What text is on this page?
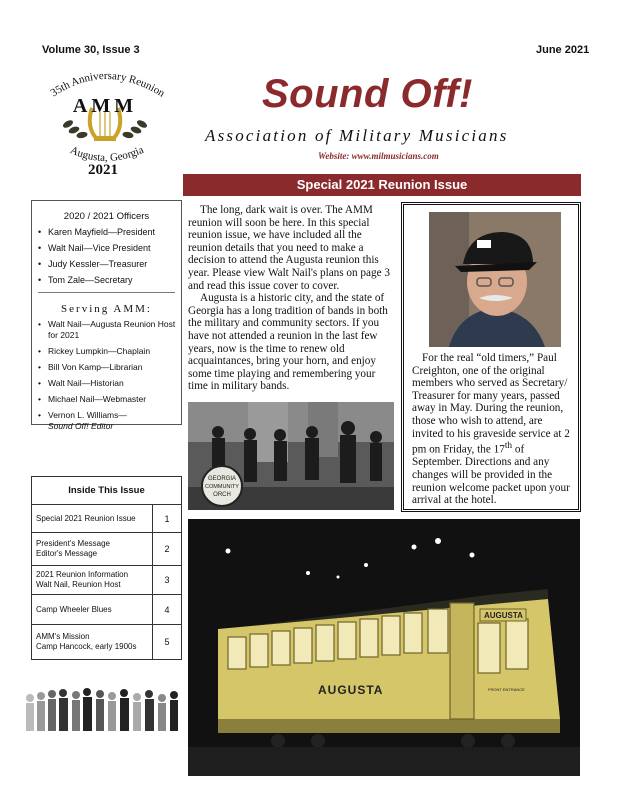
Volume 30, Issue 3	June 2021
35th Anniversary Reunion
AMM
Augusta, Georgia
2021
Sound Off!
Association of Military Musicians
Website: www.milmusicians.com
Special 2021 Reunion Issue
2020 / 2021 Officers
• Karen Mayfield—President
• Walt Nail—Vice President
• Judy Kessler—Treasurer
• Tom Zale—Secretary
Serving AMM:
• Walt Nail—Augusta Reunion Host for 2021
• Rickey Lumpkin—Chaplain
• Bill Von Kamp—Librarian
• Walt Nail—Historian
• Michael Nail—Webmaster
• Vernon L. Williams—
Sound Off! Editor
Inside This Issue
Special 2021 Reunion Issue	1
President's Message
Editor's Message	2
2021 Reunion Information
Walt Nail, Reunion Host	3
Camp Wheeler Blues	4
AMM's Mission
Camp Hancock, early 1900s	5

The long, dark wait is over. The AMM reunion will soon be here. In this special reunion issue, we have included all the reunion details that you need to make a decision to attend the Augusta reunion this year. Please view Walt Nail's plans on page 3 and read this issue cover to cover.

Augusta is a historic city, and the state of Georgia has a long tradition of bands in both the military and community sectors. If you have not attended a reunion in the last few years, now is the time to renew old acquaintances, bring your horn, and enjoy some time playing and remembering your time in military bands.

GEORGIA
COMMUNITY
ORCH
For the real “old timers,” Paul Creighton, one of the original members who served as Secretary/ Treasurer for many years, passed away in May. During the reunion, those who wish to attend, are invited to his graveside service at 2 pm on Friday, the 17th of September. Directions and any changes will be provided in the reunion welcome packet upon your arrival at the hotel.
AUGUSTA
AUGUSTA
FRONT ENTRANCE
